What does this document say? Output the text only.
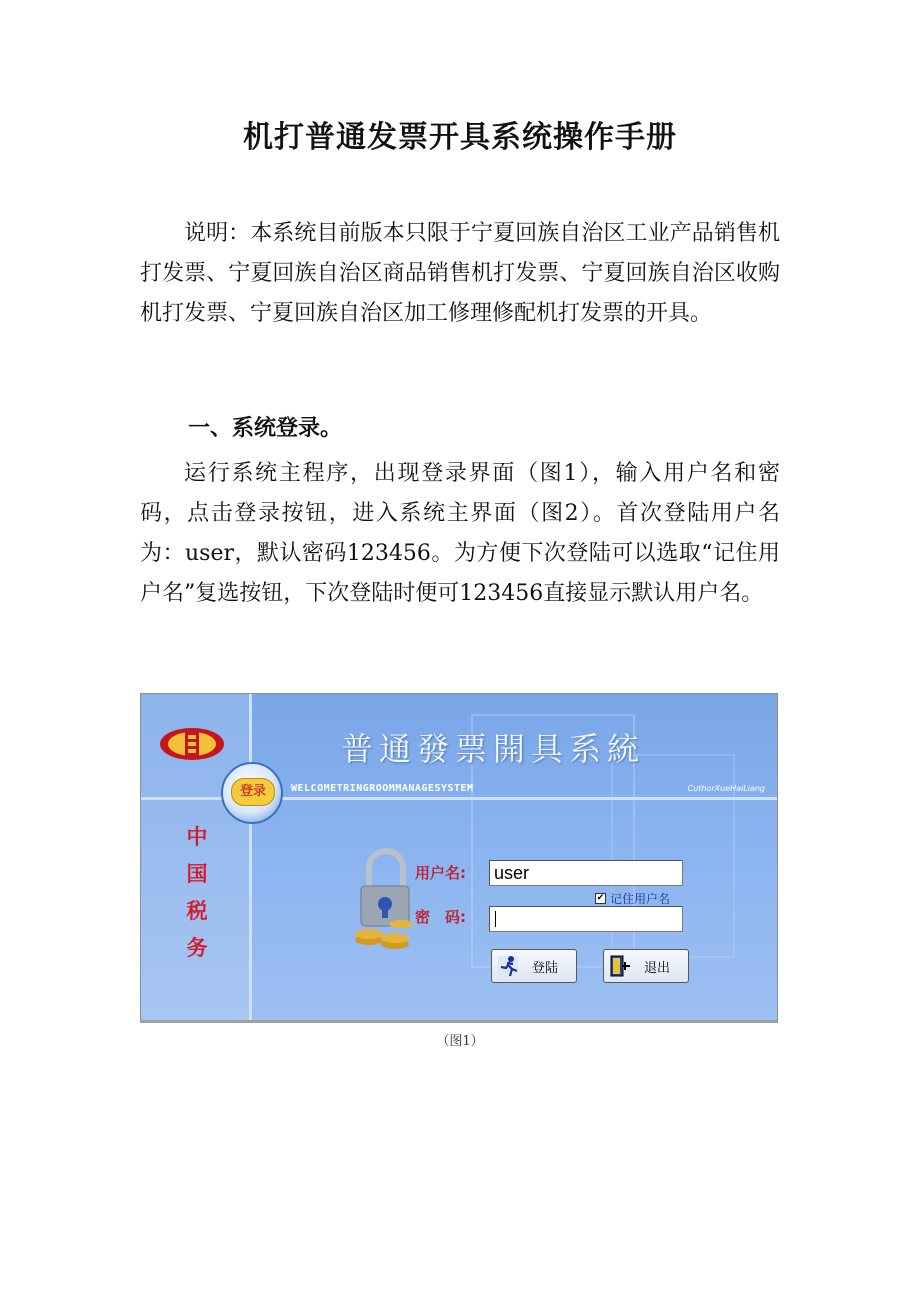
机打普通发票开具系统操作手册

说明：本系统目前版本只限于宁夏回族自治区工业产品销售机打发票、宁夏回族自治区商品销售机打发票、宁夏回族自治区收购机打发票、宁夏回族自治区加工修理修配机打发票的开具。

一、系统登录。

运行系统主程序，出现登录界面（图1），输入用户名和密码，点击登录按钮，进入系统主界面（图2）。首次登陆用户名为：user，默认密码123456。为方便下次登陆可以选取“记住用户名”复选按钮，下次登陆时便可123456直接显示默认用户名。

普通發票開具系統
WELCOMETRINGROOMMANAGESYSTEM	CuthorXueHaiLiang
登录
中
国
税
务
用户名: user
✔ 记住用户名
密　码:
登陆	退出

（图1）
